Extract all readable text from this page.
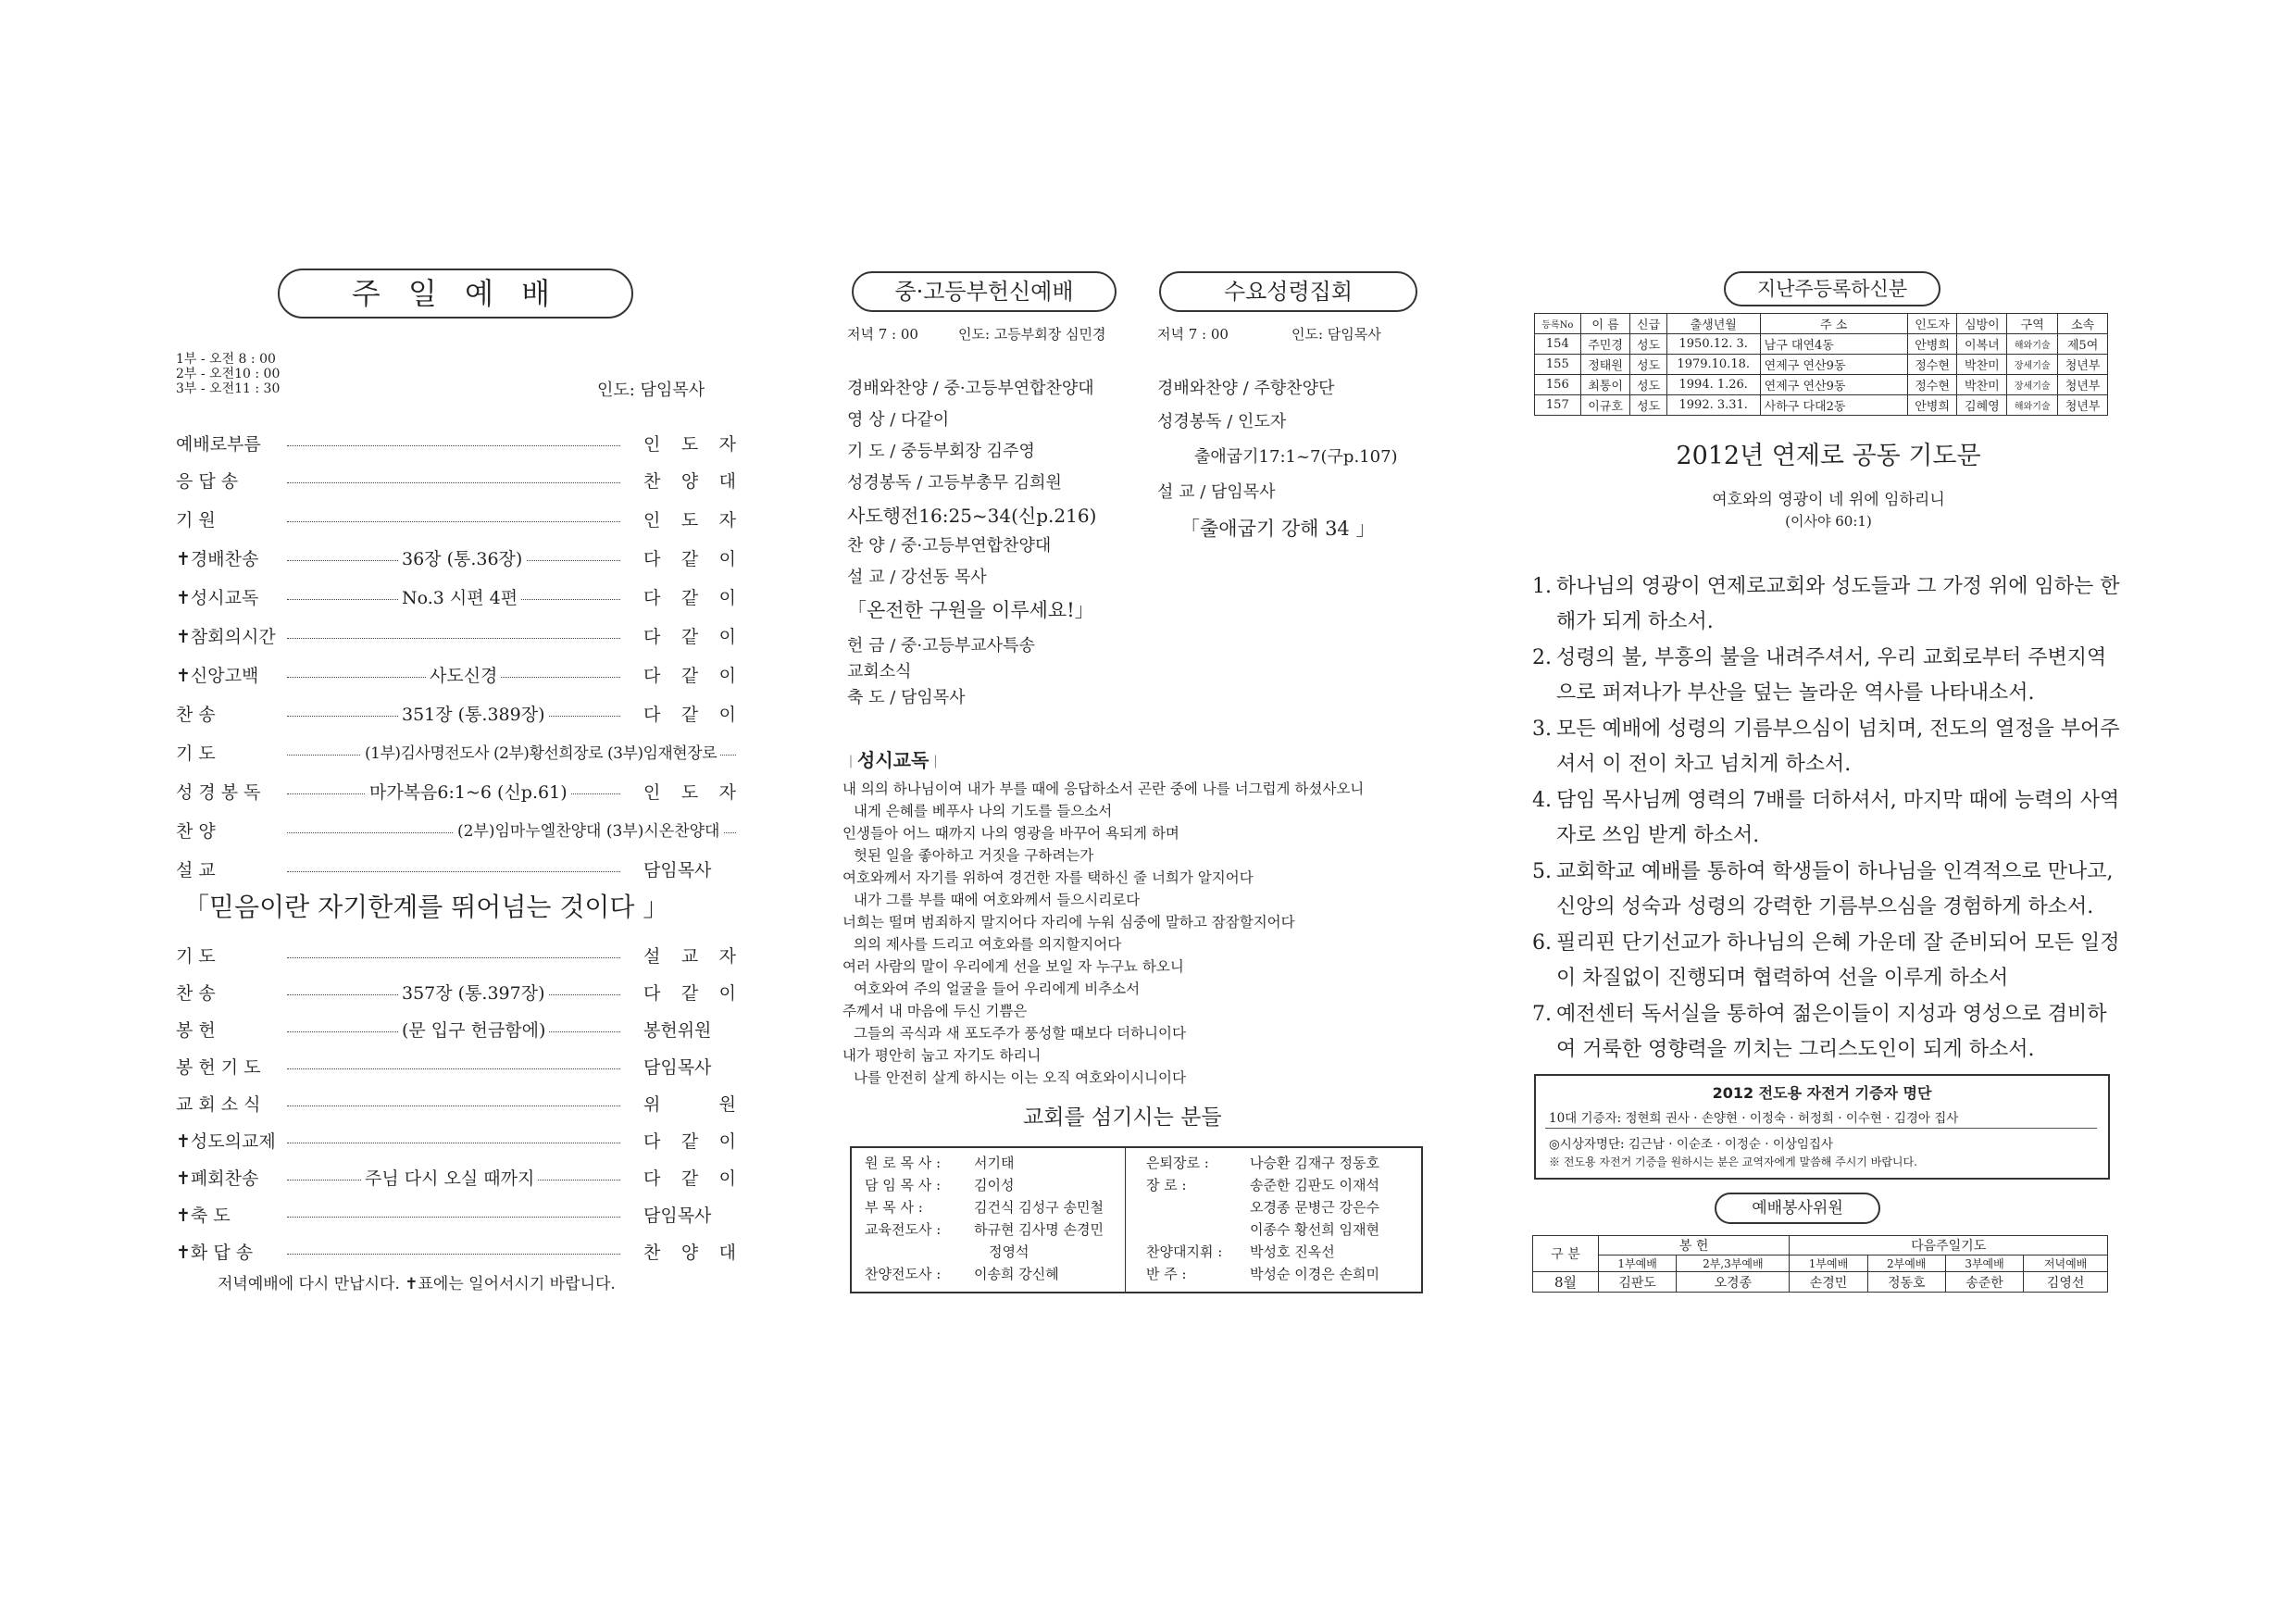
주 일 예 배
1부 - 오전 8 : 00
2부 - 오전10 : 00
3부 - 오전11 : 30	인도: 담임목사
예배로부름	인 도 자
응 답 송	찬 양 대
기 원	인 도 자
✝경배찬송	36장 (통.36장)	다 같 이
✝성시교독	No.3 시편 4편	다 같 이
✝참회의시간	다 같 이
✝신앙고백	사도신경	다 같 이
찬 송	351장 (통.389장)	다 같 이
기 도	(1부)김사명전도사 (2부)황선희장로 (3부)임재현장로
성 경 봉 독	마가복음6:1~6 (신p.61)	인 도 자
찬 양	(2부)임마누엘찬양대 (3부)시온찬양대
설 교	담임목사
「믿음이란 자기한계를 뛰어넘는 것이다 」
기 도	설 교 자
찬 송	357장 (통.397장)	다 같 이
봉 헌	(문 입구 헌금함에)	봉헌위원
봉 헌 기 도	담임목사
교 회 소 식	위 원
✝성도의교제	다 같 이
✝폐회찬송	주님 다시 오실 때까지	다 같 이
✝축 도	담임목사
✝화 답 송	찬 양 대
저녁예배에 다시 만납시다. ✝표에는 일어서시기 바랍니다.
중·고등부헌신예배	수요성령집회
저녁 7 : 00	인도: 고등부회장 심민경	저녁 7 : 00	인도: 담임목사
경배와찬양 / 중·고등부연합찬양대
영 상 / 다같이
기 도 / 중등부회장 김주영
성경봉독 / 고등부총무 김희원
사도행전16:25~34(신p.216)
찬 양 / 중·고등부연합찬양대
설 교 / 강선동 목사
「온전한 구원을 이루세요!」
헌 금 / 중·고등부교사특송
교회소식
축 도 / 담임목사
경배와찬양 / 주향찬양단
성경봉독 / 인도자
출애굽기17:1~7(구p.107)
설 교 / 담임목사
「출애굽기 강해 34 」
｜성시교독｜
내 의의 하나님이여 내가 부를 때에 응답하소서 곤란 중에 나를 너그럽게 하셨사오니
내게 은혜를 베푸사 나의 기도를 들으소서
인생들아 어느 때까지 나의 영광을 바꾸어 욕되게 하며
헛된 일을 좋아하고 거짓을 구하려는가
여호와께서 자기를 위하여 경건한 자를 택하신 줄 너희가 알지어다
내가 그를 부를 때에 여호와께서 들으시리로다
너희는 떨며 범죄하지 말지어다 자리에 누워 심중에 말하고 잠잠할지어다
의의 제사를 드리고 여호와를 의지할지어다
여러 사람의 말이 우리에게 선을 보일 자 누구뇨 하오니
여호와여 주의 얼굴을 들어 우리에게 비추소서
주께서 내 마음에 두신 기쁨은
그들의 곡식과 새 포도주가 풍성할 때보다 더하니이다
내가 평안히 눕고 자기도 하리니
나를 안전히 살게 하시는 이는 오직 여호와이시니이다
교회를 섬기시는 분들
원 로 목 사 : 서기태
담 임 목 사 : 김이성
부 목 사 :	김건식 김성구 송민철
교육전도사 : 하규현 김사명 손경민
정영석
찬양전도사 : 이송희 강신혜
은퇴장로 :	나승환 김재구 정동호
장 로 :	송준한 김판도 이재석
오경종 문병근 강은수
이종수 황선희 임재현
찬양대지휘 : 박성호 진옥선
반 주 :	박성순 이경은 손희미
지난주등록하신분
등록No	이 름	신급	출생년월	주 소	인도자	심방이	구역	소속
154	주민경	성도	1950.12. 3.	남구 대연4동	안병희	이복녀	해와기술	제5여
155	정태원	성도	1979.10.18.	연제구 연산9동	정수현	박찬미	장세기술	청년부
156	최통이	성도	1994. 1.26.	연제구 연산9동	정수현	박찬미	장세기술	청년부
157	이규호	성도	1992. 3.31.	사하구 다대2동	안병희	김혜영	해와기술	청년부
2012년 연제로 공동 기도문
여호와의 영광이 네 위에 임하리니
(이사야 60:1)
1. 하나님의 영광이 연제로교회와 성도들과 그 가정 위에 임하는 한 해가 되게 하소서.
2. 성령의 불, 부흥의 불을 내려주셔서, 우리 교회로부터 주변지역으로 퍼져나가 부산을 덮는 놀라운 역사를 나타내소서.
3. 모든 예배에 성령의 기름부으심이 넘치며, 전도의 열정을 부어주셔서 이 전이 차고 넘치게 하소서.
4. 담임 목사님께 영력의 7배를 더하셔서, 마지막 때에 능력의 사역자로 쓰임 받게 하소서.
5. 교회학교 예배를 통하여 학생들이 하나님을 인격적으로 만나고, 신앙의 성숙과 성령의 강력한 기름부으심을 경험하게 하소서.
6. 필리핀 단기선교가 하나님의 은혜 가운데 잘 준비되어 모든 일정이 차질없이 진행되며 협력하여 선을 이루게 하소서
7. 예전센터 독서실을 통하여 젊은이들이 지성과 영성으로 겸비하여 거룩한 영향력을 끼치는 그리스도인이 되게 하소서.
2012 전도용 자전거 기증자 명단
10대 기증자: 정현희 권사 · 손양현 · 이정숙 · 허정희 · 이수현 · 김경아 집사
◎시상자명단: 김근남 · 이순조 · 이정순 · 이상임집사
※ 전도용 자전거 기증을 원하시는 분은 교역자에게 말씀해 주시기 바랍니다.
예배봉사위원
구 분	봉 헌		다음주일기도			
	1부예배	2부,3부예배	1부예배	2부예배	3부예배	저녁예배
8월	김판도	오경종	손경민	정동호	송준한	김영선
